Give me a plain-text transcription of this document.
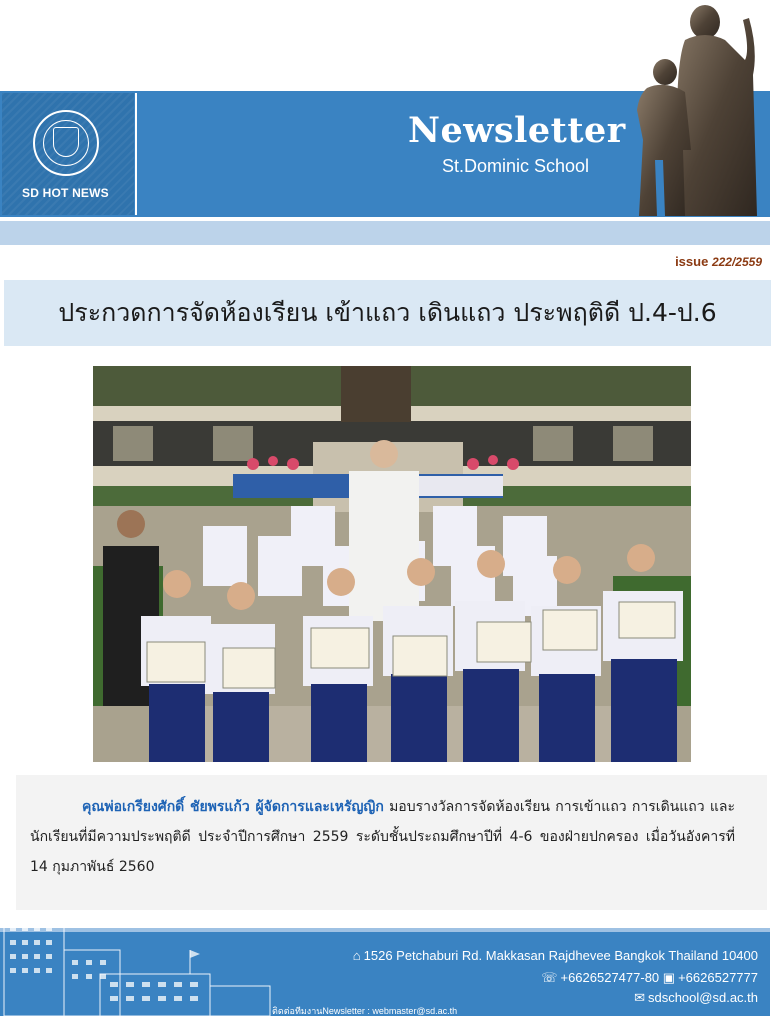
SD HOT NEWS
Newsletter
St.Dominic School
issue 222/2559
ประกวดการจัดห้องเรียน เข้าแถว เดินแถว ประพฤติดี ป.4-ป.6
คุณพ่อเกรียงศักดิ์ ชัยพรแก้ว ผู้จัดการและเหรัญญิก มอบรางวัลการจัดห้องเรียน การเข้าแถว การเดินแถว และนักเรียนที่มีความประพฤติดี ประจำปีการศึกษา 2559 ระดับชั้นประถมศึกษาปีที่ 4-6 ของฝ่ายปกครอง เมื่อวันอังคารที่ 14 กุมภาพันธ์ 2560
⌂ 1526 Petchaburi Rd. Makkasan Rajdhevee Bangkok Thailand 10400
☏ +6626527477-80 ▣ +6626527777
✉ sdschool@sd.ac.th
ติดต่อทีมงานNewsletter : webmaster@sd.ac.th
